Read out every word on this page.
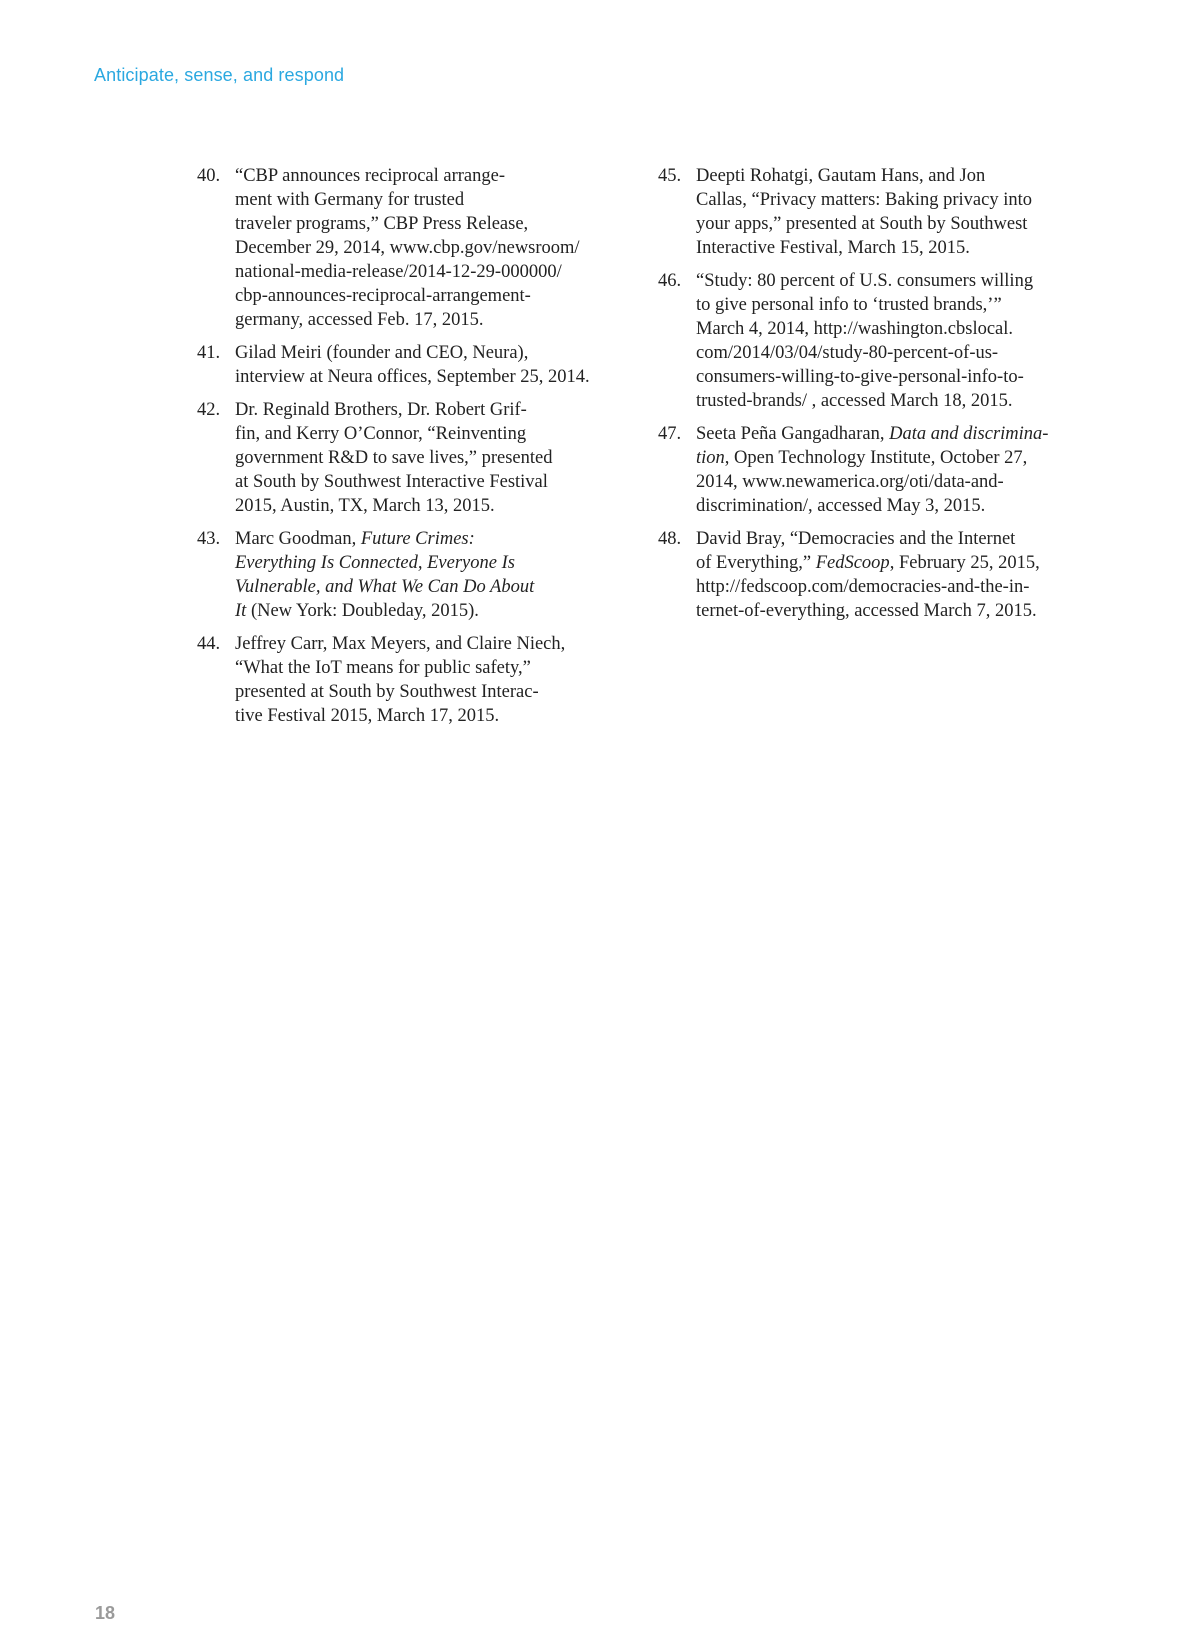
Anticipate, sense, and respond
40. “CBP announces reciprocal arrange-
ment with Germany for trusted
traveler programs,” CBP Press Release,
December 29, 2014, www.cbp.gov/newsroom/
national-media-release/2014-12-29-000000/
cbp-announces-reciprocal-arrangement-
germany, accessed Feb. 17, 2015.
41. Gilad Meiri (founder and CEO, Neura),
interview at Neura offices, September 25, 2014.
42. Dr. Reginald Brothers, Dr. Robert Grif-
fin, and Kerry O’Connor, “Reinventing
government R&D to save lives,” presented
at South by Southwest Interactive Festival
2015, Austin, TX, March 13, 2015.
43. Marc Goodman, Future Crimes:
Everything Is Connected, Everyone Is
Vulnerable, and What We Can Do About
It (New York: Doubleday, 2015).
44. Jeffrey Carr, Max Meyers, and Claire Niech,
“What the IoT means for public safety,”
presented at South by Southwest Interac-
tive Festival 2015, March 17, 2015.
45. Deepti Rohatgi, Gautam Hans, and Jon
Callas, “Privacy matters: Baking privacy into
your apps,” presented at South by Southwest
Interactive Festival, March 15, 2015.
46. “Study: 80 percent of U.S. consumers willing
to give personal info to ‘trusted brands,’”
March 4, 2014, http://washington.cbslocal.
com/2014/03/04/study-80-percent-of-us-
consumers-willing-to-give-personal-info-to-
trusted-brands/ , accessed March 18, 2015.
47. Seeta Peña Gangadharan, Data and discrimina-
tion, Open Technology Institute, October 27,
2014, www.newamerica.org/oti/data-and-
discrimination/, accessed May 3, 2015.
48. David Bray, “Democracies and the Internet
of Everything,” FedScoop, February 25, 2015,
http://fedscoop.com/democracies-and-the-in-
ternet-of-everything, accessed March 7, 2015.
18
